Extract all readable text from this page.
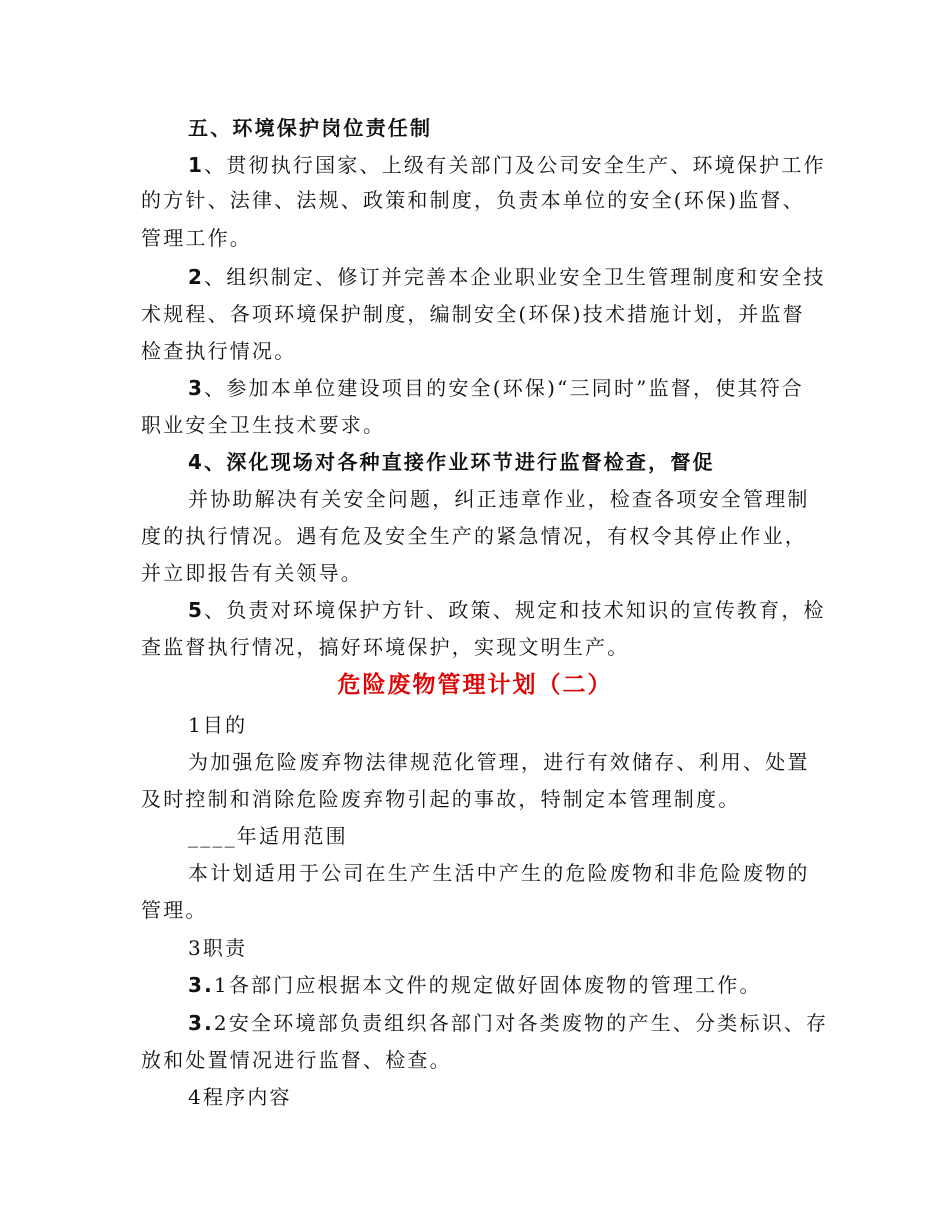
五、环境保护岗位责任制
1、贯彻执行国家、上级有关部门及公司安全生产、环境保护工作
的方针、法律、法规、政策和制度，负责本单位的安全(环保)监督、
管理工作。
2、组织制定、修订并完善本企业职业安全卫生管理制度和安全技
术规程、各项环境保护制度，编制安全(环保)技术措施计划，并监督
检查执行情况。
3、参加本单位建设项目的安全(环保)“三同时”监督，使其符合
职业安全卫生技术要求。
4、深化现场对各种直接作业环节进行监督检查，督促
并协助解决有关安全问题，纠正违章作业，检查各项安全管理制
度的执行情况。遇有危及安全生产的紧急情况，有权令其停止作业，
并立即报告有关领导。
5、负责对环境保护方针、政策、规定和技术知识的宣传教育，检
查监督执行情况，搞好环境保护，实现文明生产。
危险废物管理计划（二）
1目的
为加强危险废弃物法律规范化管理，进行有效储存、利用、处置
及时控制和消除危险废弃物引起的事故，特制定本管理制度。
____年适用范围
本计划适用于公司在生产生活中产生的危险废物和非危险废物的
管理。
3职责
3.1各部门应根据本文件的规定做好固体废物的管理工作。
3.2安全环境部负责组织各部门对各类废物的产生、分类标识、存
放和处置情况进行监督、检查。
4程序内容
